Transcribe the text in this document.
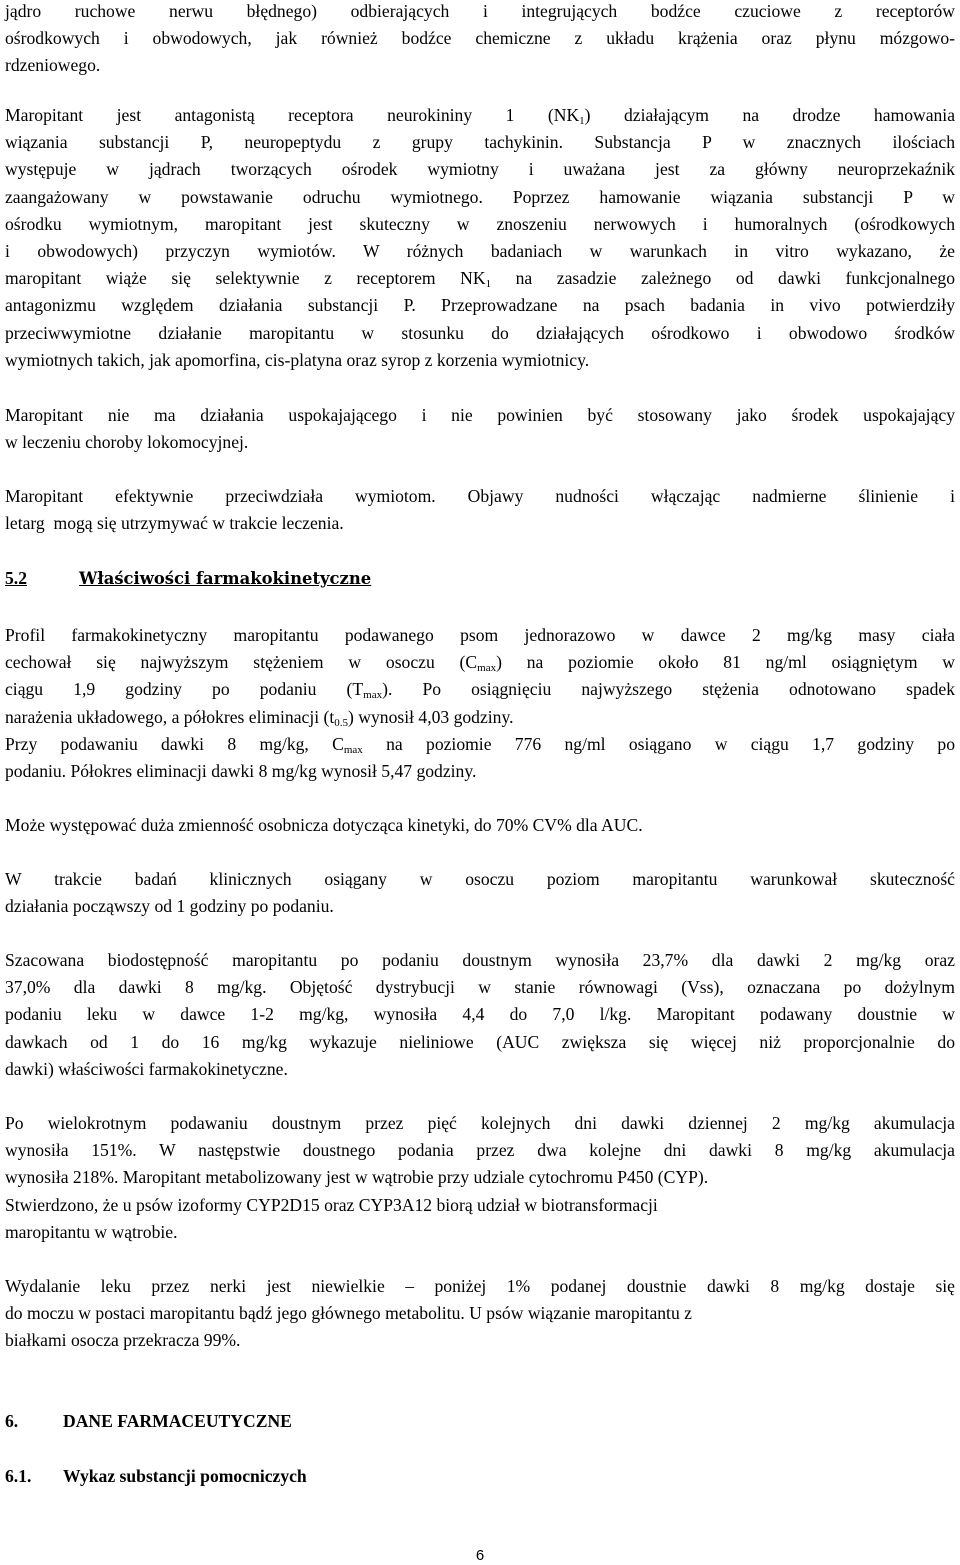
jądro ruchowe nerwu błędnego) odbierających i integrujących bodźce czuciowe z receptorów
ośrodkowych i obwodowych, jak również bodźce chemiczne z układu krążenia oraz płynu mózgowo-
rdzeniowego.
Maropitant jest antagonistą receptora neurokininy 1 $(NK_1)$ działającym na drodze hamowania
wiązania substancji P, neuropeptydu z grupy tachykinin. Substancja P w znacznych ilościach
występuje w jądrach tworzących ośrodek wymiotny i uważana jest za główny neuroprzekaźnik
zaangażowany w powstawanie odruchu wymiotnego. Poprzez hamowanie wiązania substancji P w
ośrodku wymiotnym, maropitant jest skuteczny w znoszeniu nerwowych i humoralnych (ośrodkowych
i obwodowych) przyczyn wymiotów. W różnych badaniach w warunkach in vitro wykazano, że
maropitant wiąże się selektywnie z receptorem $NK_1$ na zasadzie zależnego od dawki funkcjonalnego
antagonizmu względem działania substancji P. Przeprowadzane na psach badania in vivo potwierdziły
przeciwwymiotne działanie maropitantu w stosunku do działających ośrodkowo i obwodowo środków
wymiotnych takich, jak apomorfina, cis-platyna oraz syrop z korzenia wymiotnicy.
Maropitant nie ma działania uspokajającego i nie powinien być stosowany jako środek uspokajający
w leczeniu choroby lokomocyjnej.
Maropitant efektywnie przeciwdziała wymiotom. Objawy nudności włączając nadmierne ślinienie i
letarg  mogą się utrzymywać w trakcie leczenia.
5.2	Właściwości farmakokinetyczne
Profil farmakokinetyczny maropitantu podawanego psom jednorazowo w dawce 2 mg/kg masy ciała
cechował się najwyższym stężeniem w osoczu $(C_{max})$ na poziomie około 81 ng/ml osiągniętym w
ciągu 1,9 godziny po podaniu $(T_{max})$. Po osiągnięciu najwyższego stężenia odnotowano spadek
narażenia układowego, a półokres eliminacji $(t_{0.5})$ wynosił 4,03 godziny.
Przy podawaniu dawki 8 mg/kg, $C_{max}$ na poziomie 776 ng/ml osiągano w ciągu 1,7 godziny po
podaniu. Półokres eliminacji dawki 8 mg/kg wynosił 5,47 godziny.
Może występować duża zmienność osobnicza dotycząca kinetyki, do 70% CV% dla AUC.
W trakcie badań klinicznych osiągany w osoczu poziom maropitantu warunkował skuteczność
działania począwszy od 1 godziny po podaniu.
Szacowana biodostępność maropitantu po podaniu doustnym wynosiła 23,7% dla dawki 2 mg/kg oraz
37,0% dla dawki 8 mg/kg. Objętość dystrybucji w stanie równowagi (Vss), oznaczana po dożylnym
podaniu leku w dawce 1-2 mg/kg, wynosiła 4,4 do 7,0 l/kg. Maropitant podawany doustnie w
dawkach od 1 do 16 mg/kg wykazuje nieliniowe (AUC zwiększa się więcej niż proporcjonalnie do
dawki) właściwości farmakokinetyczne.
Po wielokrotnym podawaniu doustnym przez pięć kolejnych dni dawki dziennej 2 mg/kg akumulacja
wynosiła 151%. W następstwie doustnego podania przez dwa kolejne dni dawki 8 mg/kg akumulacja
wynosiła 218%. Maropitant metabolizowany jest w wątrobie przy udziale cytochromu P450 (CYP).
Stwierdzono, że u psów izoformy CYP2D15 oraz CYP3A12 biorą udział w biotransformacji
maropitantu w wątrobie.
Wydalanie leku przez nerki jest niewielkie – poniżej 1% podanej doustnie dawki 8 mg/kg dostaje się
do moczu w postaci maropitantu bądź jego głównego metabolitu. U psów wiązanie maropitantu z
białkami osocza przekracza 99%.
6.	DANE FARMACEUTYCZNE
6.1. Wykaz substancji pomocniczych
6
